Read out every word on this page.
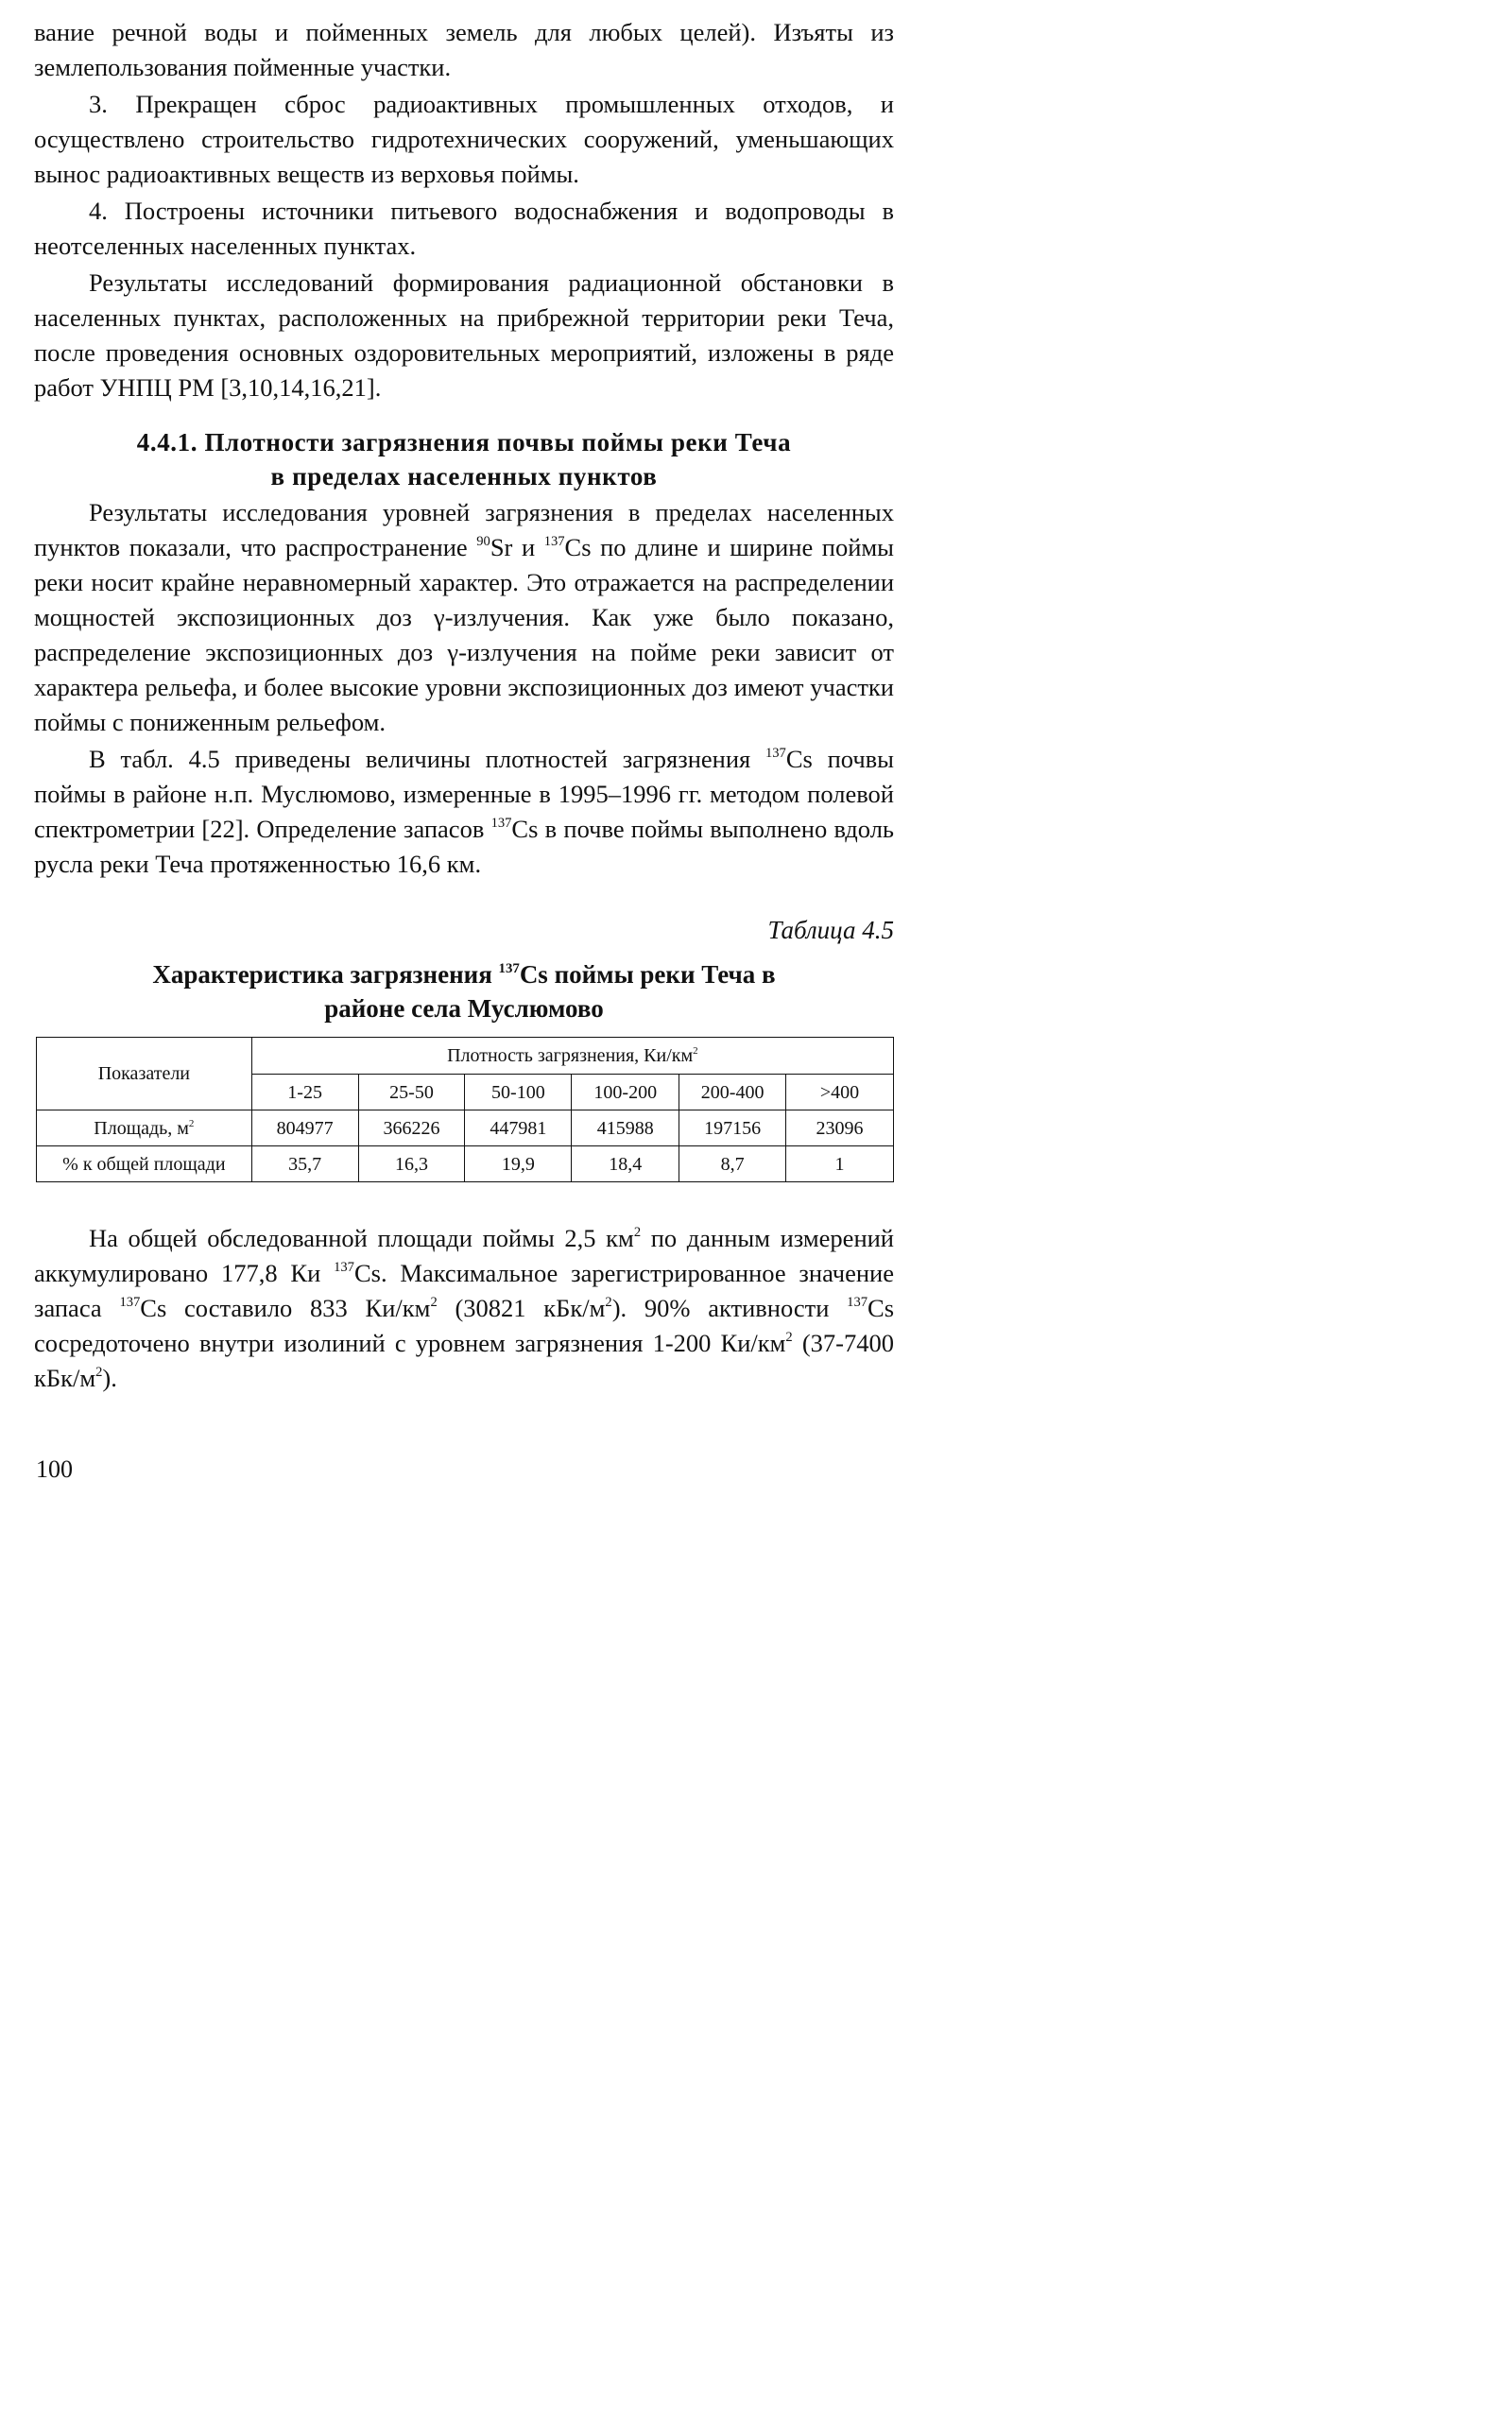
вание речной воды и пойменных земель для любых целей). Изъяты из землепользования пойменные участки.

3. Прекращен сброс радиоактивных промышленных отходов, и осуществлено строительство гидротехнических сооружений, уменьшающих вынос радиоактивных веществ из верховья поймы.

4. Построены источники питьевого водоснабжения и водопроводы в неотселенных населенных пунктах.

Результаты исследований формирования радиационной обстановки в населенных пунктах, расположенных на прибрежной территории реки Теча, после проведения основных оздоровительных мероприятий, изложены в ряде работ УНПЦ РМ [3,10,14,16,21].

4.4.1. Плотности загрязнения почвы поймы реки Теча
в пределах населенных пунктов

Результаты исследования уровней загрязнения в пределах населенных пунктов показали, что распространение $^{90}$Sr и $^{137}$Cs по длине и ширине поймы реки носит крайне неравномерный характер. Это отражается на распределении мощностей экспозиционных доз γ-излучения. Как уже было показано, распределение экспозиционных доз γ-излучения на пойме реки зависит от характера рельефа, и более высокие уровни экспозиционных доз имеют участки поймы с пониженным рельефом.

В табл. 4.5 приведены величины плотностей загрязнения $^{137}$Cs почвы поймы в районе н.п. Муслюмово, измеренные в 1995–1996 гг. методом полевой спектрометрии [22]. Определение запасов $^{137}$Cs в почве поймы выполнено вдоль русла реки Теча протяженностью 16,6 км.

Таблица 4.5
Характеристика загрязнения $^{137}$Cs поймы реки Теча в
районе села Муслюмово
Показатели	Плотность загрязнения, $Ки/км^2$
	1-25	25-50	50-100	100-200	200-400	>400
Площадь, $м^2$	804977	366226	447981	415988	197156	23096
% к общей площади	35,7	16,3	19,9	18,4	8,7	1

На общей обследованной площади поймы 2,5 $км^2$ по данным измерений аккумулировано 177,8 Ки $^{137}$Cs. Максимальное зарегистрированное значение запаса $^{137}$Cs составило 833 $Ки/км^2$ (30821 кБк/$м^2$). 90% активности $^{137}$Cs сосредоточено внутри изолиний с уровнем загрязнения 1-200 $Ки/км^2$ (37-7400 кБк/$м^2$).

100
